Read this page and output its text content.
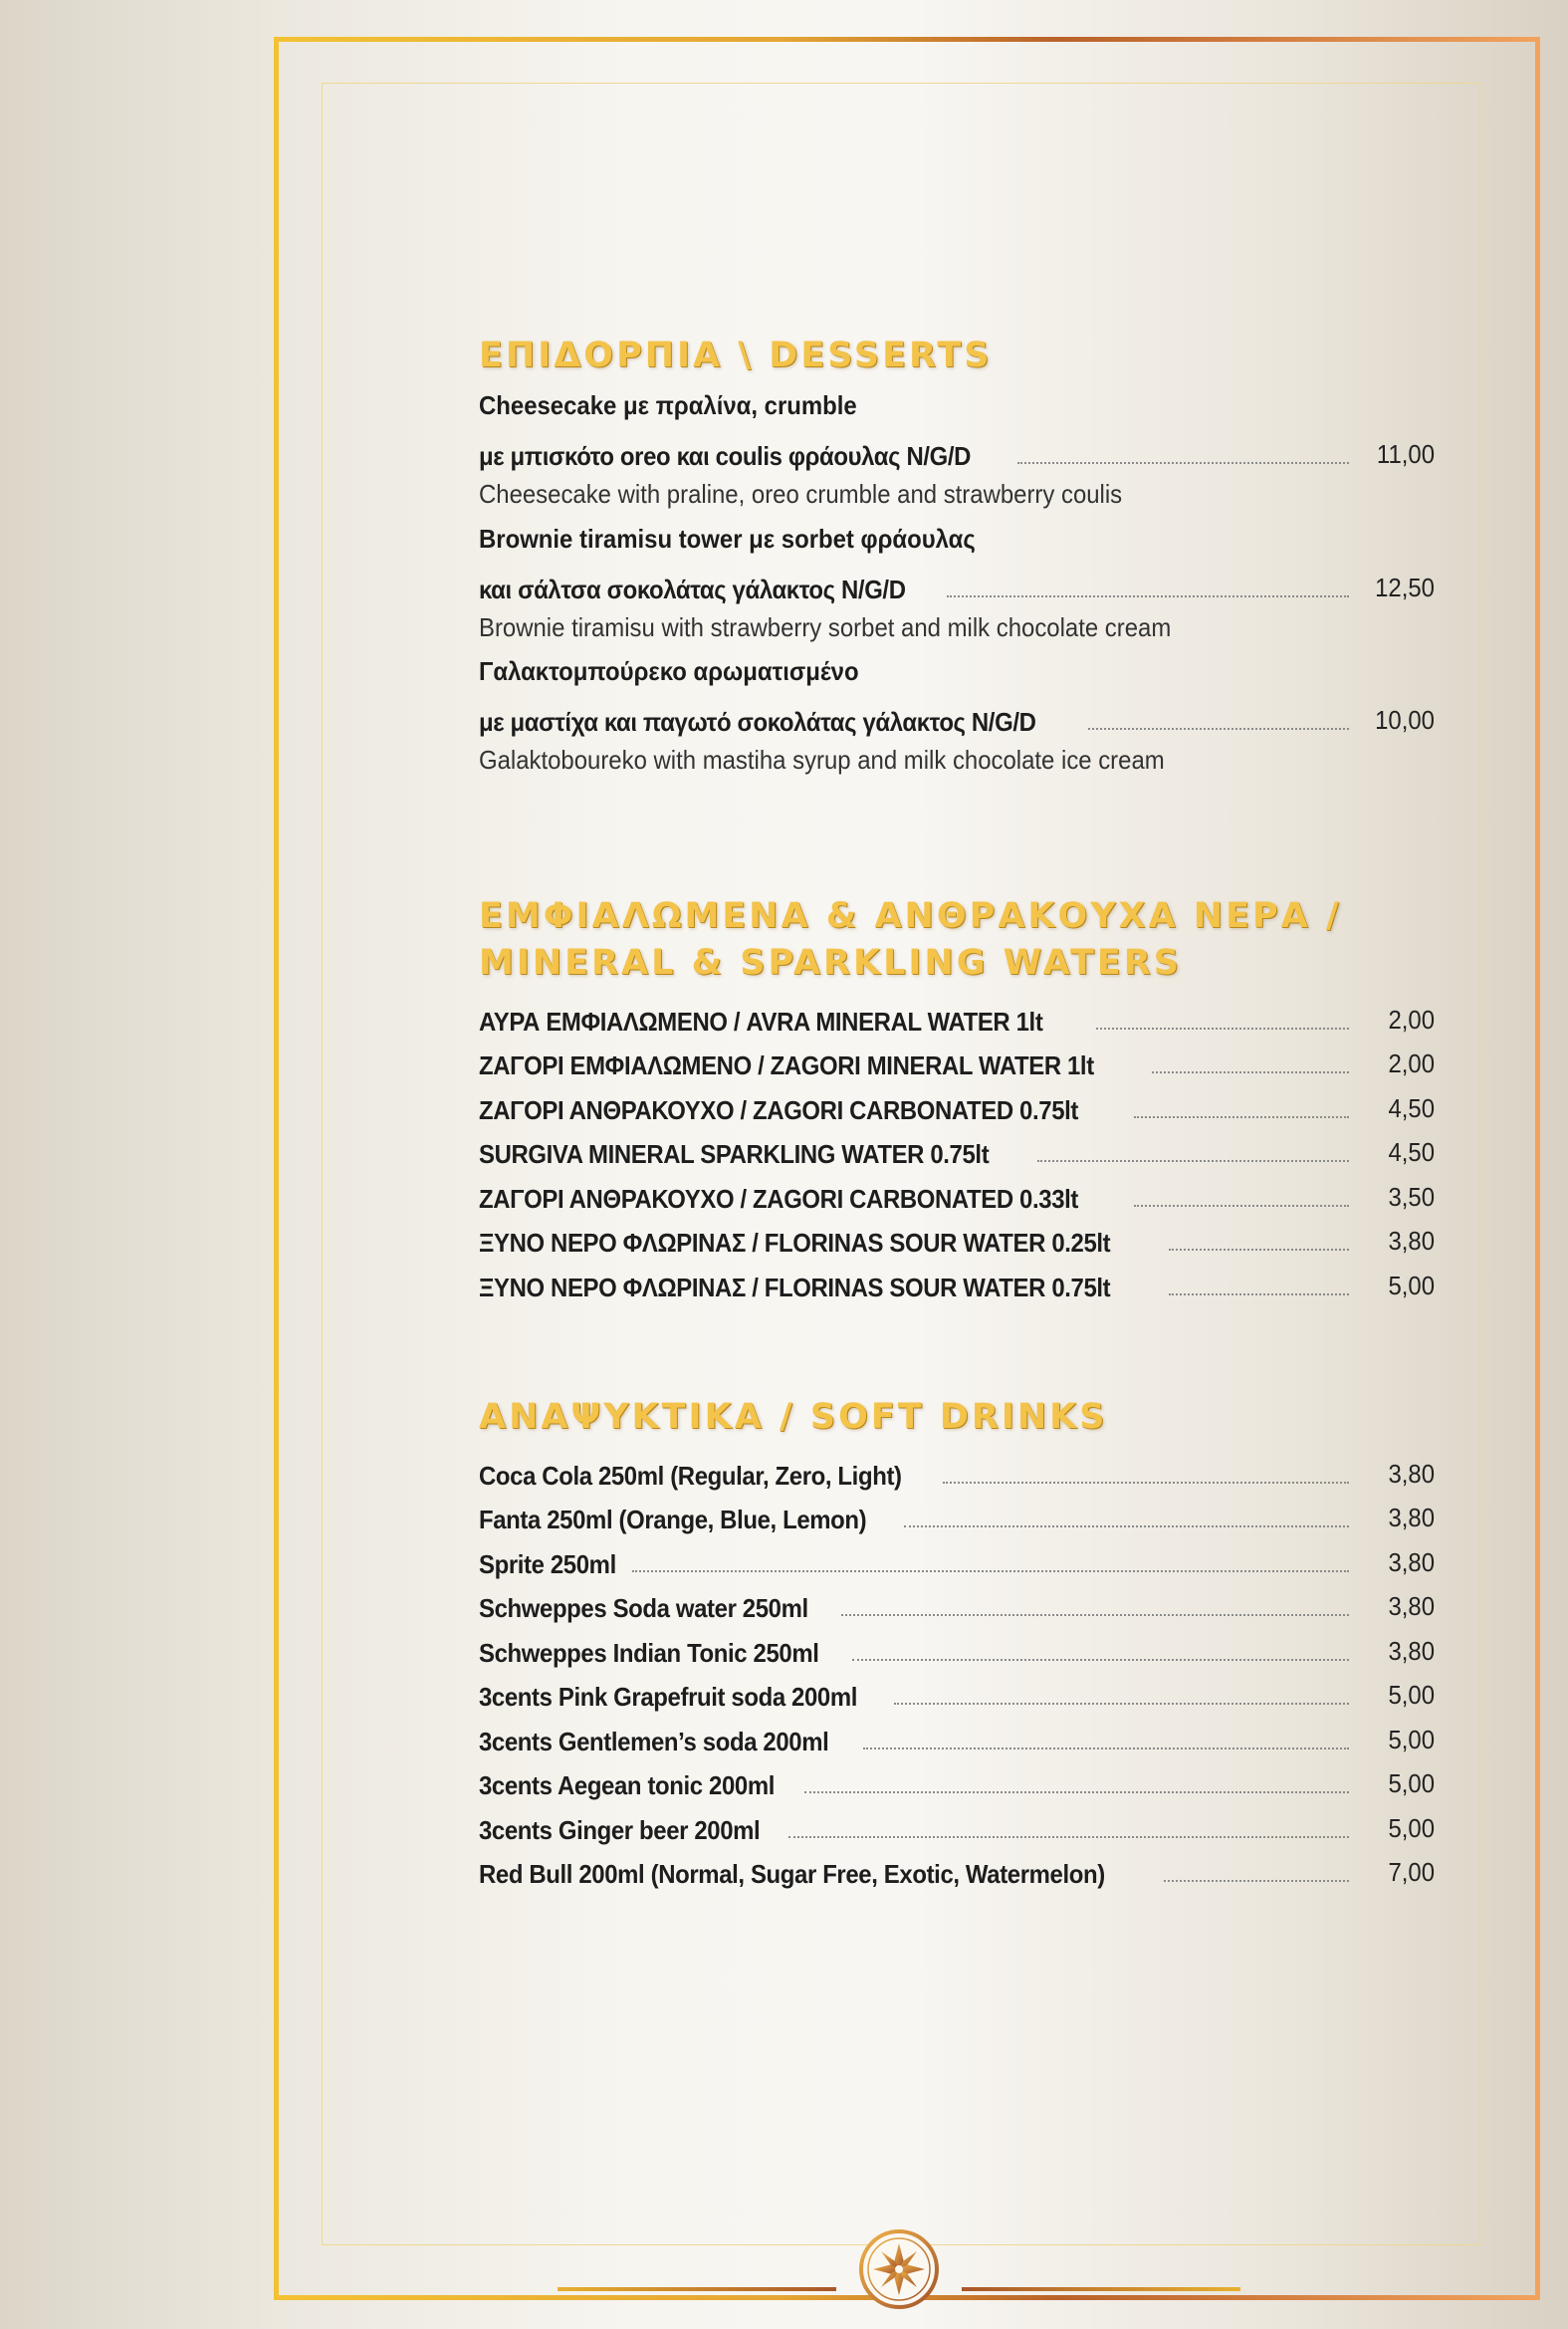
ΕΠΙΔΟΡΠΙΑ \ DESSERTS
Cheesecake με πραλίνα, crumble
με μπισκότο oreo και coulis φράουλας N/G/D	11,00
Cheesecake with praline, oreo crumble and strawberry coulis
Brownie tiramisu tower με sorbet φράουλας
και σάλτσα σοκολάτας γάλακτος N/G/D	12,50
Brownie tiramisu with strawberry sorbet and milk chocolate cream
Γαλακτομπούρεκο αρωματισμένο
με μαστίχα και παγωτό σοκολάτας γάλακτος N/G/D	10,00
Galaktoboureko with mastiha syrup and milk chocolate ice cream
ΕΜΦΙΑΛΩΜΕΝΑ & ΑΝΘΡΑΚΟΥΧΑ ΝΕΡΑ /
MINERAL & SPARKLING WATERS
ΑΥΡΑ ΕΜΦΙΑΛΩΜΕΝΟ / AVRA MINERAL WATER 1lt	2,00
ΖΑΓΟΡΙ ΕΜΦΙΑΛΩΜΕΝΟ / ZAGORI MINERAL WATER 1lt	2,00
ΖΑΓΟΡΙ ΑΝΘΡΑΚΟΥΧΟ / ZAGORI CARBONATED 0.75lt	4,50
SURGIVA MINERAL SPARKLING WATER 0.75lt	4,50
ΖΑΓΟΡΙ ΑΝΘΡΑΚΟΥΧΟ / ZAGORI CARBONATED 0.33lt	3,50
ΞΥΝΟ ΝΕΡΟ ΦΛΩΡΙΝΑΣ / FLORINAS SOUR WATER 0.25lt	3,80
ΞΥΝΟ ΝΕΡΟ ΦΛΩΡΙΝΑΣ / FLORINAS SOUR WATER 0.75lt	5,00
ΑΝΑΨΥΚΤΙΚΑ / SOFT DRINKS
Coca Cola 250ml (Regular, Zero, Light)	3,80
Fanta 250ml (Orange, Blue, Lemon)	3,80
Sprite 250ml	3,80
Schweppes Soda water 250ml	3,80
Schweppes Indian Tonic 250ml	3,80
3cents Pink Grapefruit soda 200ml	5,00
3cents Gentlemen’s soda 200ml	5,00
3cents Aegean tonic 200ml	5,00
3cents Ginger beer 200ml	5,00
Red Bull 200ml (Normal, Sugar Free, Exotic, Watermelon)	7,00
